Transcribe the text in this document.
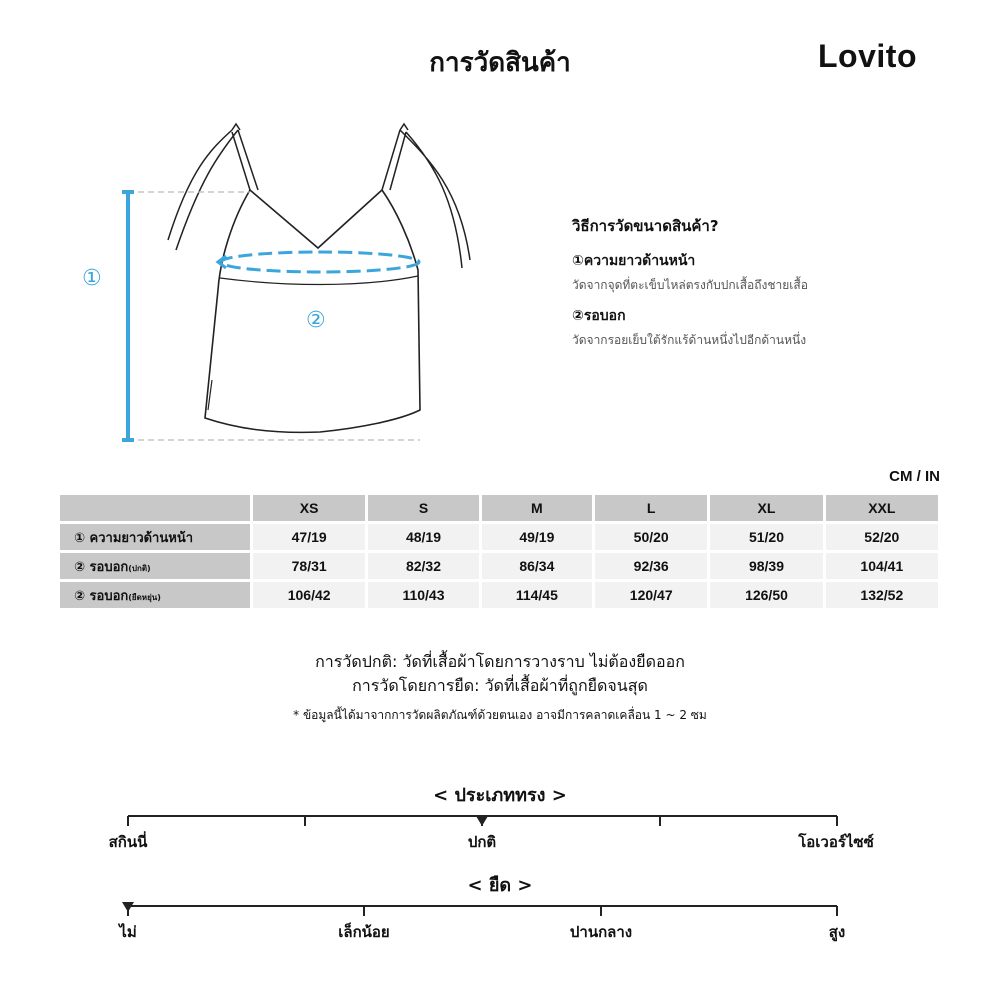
การวัดสินค้า	Lovito
①
②
วิธีการวัดขนาดสินค้า?
①ความยาวด้านหน้า
วัดจากจุดที่ตะเข็บไหล่ตรงกับปกเสื้อถึงชายเสื้อ
②รอบอก
วัดจากรอยเย็บใต้รักแร้ด้านหนึ่งไปอีกด้านหนึ่ง
CM / IN
	XS	S	M	L	XL	XXL
① ความยาวด้านหน้า	47/19	48/19	49/19	50/20	51/20	52/20
② รอบอก(ปกติ)	78/31	82/32	86/34	92/36	98/39	104/41
② รอบอก(ยืดหยุ่น)	106/42	110/43	114/45	120/47	126/50	132/52
การวัดปกติ: วัดที่เสื้อผ้าโดยการวางราบ ไม่ต้องยืดออก
การวัดโดยการยืด: วัดที่เสื้อผ้าที่ถูกยืดจนสุด
* ข้อมูลนี้ได้มาจากการวัดผลิตภัณฑ์ด้วยตนเอง อาจมีการคลาดเคลื่อน 1 ~ 2 ซม
< ประเภททรง >
สกินนี่	ปกติ	โอเวอร์ไซซ์
< ยืด >
ไม่	เล็กน้อย	ปานกลาง	สูง
